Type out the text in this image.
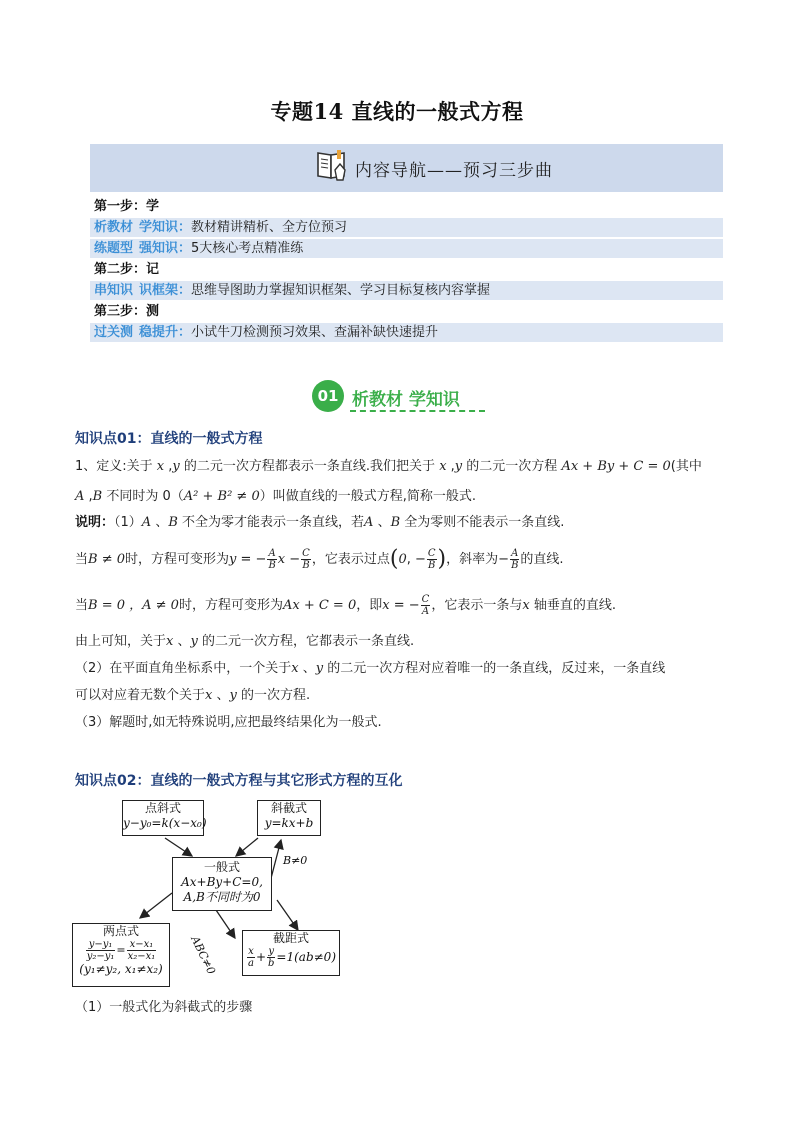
专题14 直线的一般式方程
内容导航——预习三步曲
第一步：学
析教材 学知识：教材精讲精析、全方位预习
练题型 强知识：5大核心考点精准练
第二步：记
串知识 识框架：思维导图助力掌握知识框架、学习目标复核内容掌握
第三步：测
过关测 稳提升：小试牛刀检测预习效果、查漏补缺快速提升
01 析教材 学知识
知识点01：直线的一般式方程
1、定义:关于 x ,y 的二元一次方程都表示一条直线.我们把关于 x ,y 的二元一次方程 Ax + By + C = 0(其中
A ,B 不同时为 0（A² + B² ≠ 0）叫做直线的一般式方程,简称一般式.
说明：（1）A 、B 不全为零才能表示一条直线，若A 、B 全为零则不能表示一条直线.
当B ≠ 0时，方程可变形为y = − $\frac{A}{B}$ $x - \frac{C}{B}$ ，它表示过点(0, − $\frac{C}{B}$ )，斜率为− $\frac{A}{B}$ 的直线.
当B = 0 ，A ≠ 0时，方程可变形为Ax + C = 0，即x = − $\frac{C}{A}$ ，它表示一条与x 轴垂直的直线.
由上可知，关于x 、y 的二元一次方程，它都表示一条直线.
（2）在平面直角坐标系中，一个关于x 、y 的二元一次方程对应着唯一的一条直线，反过来，一条直线
可以对应着无数个关于x 、y 的一次方程.
（3）解题时,如无特殊说明,应把最终结果化为一般式.
知识点02：直线的一般式方程与其它形式方程的互化
点斜式
y−y₀=k(x−x₀)
斜截式
y=kx+b
B≠0
一般式
Ax+By+C=0,
A,B不同时为0
ABC≠0
两点式
$\frac{\text{y−y₁}}{\text{y₂−y₁}} = \frac{\text{x−x₁}}{\text{x₂−x₁}}$
(y₁≠y₂, x₁≠x₂)
截距式
$\frac{x}{a} + \frac{y}{b} =1(ab\ne 0)$
（1）一般式化为斜截式的步骤
